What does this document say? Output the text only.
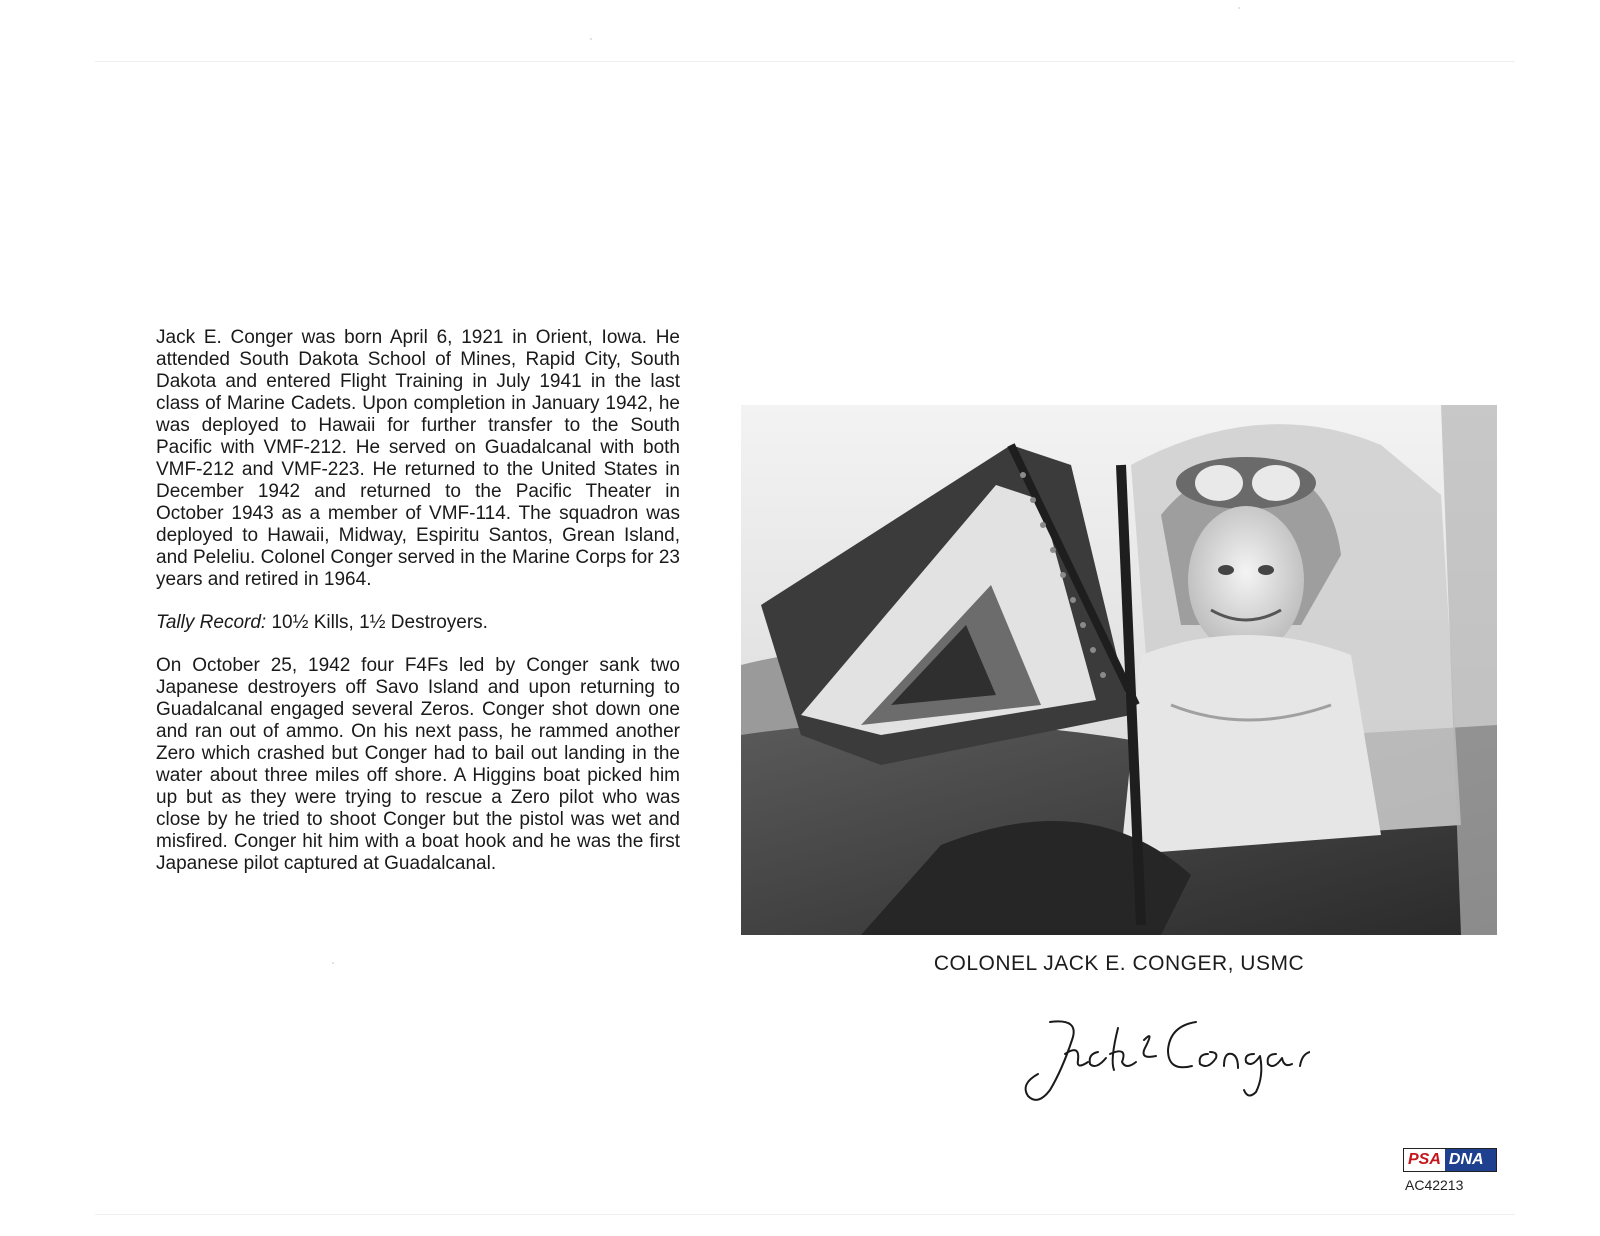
Jack E. Conger was born April 6, 1921 in Orient, Iowa. He attended South Dakota School of Mines, Rapid City, South Dakota and entered Flight Training in July 1941 in the last class of Marine Cadets. Upon completion in January 1942, he was deployed to Hawaii for further transfer to the South Pacific with VMF-212. He served on Guadalcanal with both VMF-212 and VMF-223. He returned to the United States in December 1942 and returned to the Pacific Theater in October 1943 as a member of VMF-114. The squadron was deployed to Hawaii, Midway, Espiritu Santos, Grean Island, and Peleliu. Colonel Conger served in the Marine Corps for 23 years and retired in 1964.

Tally Record: 10½ Kills, 1½ Destroyers.

On October 25, 1942 four F4Fs led by Conger sank two Japanese destroyers off Savo Island and upon returning to Guadalcanal engaged several Zeros. Conger shot down one and ran out of ammo. On his next pass, he rammed another Zero which crashed but Conger had to bail out landing in the water about three miles off shore. A Higgins boat picked him up but as they were trying to rescue a Zero pilot who was close by he tried to shoot Conger but the pistol was wet and misfired. Conger hit him with a boat hook and he was the first Japanese pilot captured at Guadalcanal.

COLONEL JACK E. CONGER, USMC
PSA DNA
AC42213
